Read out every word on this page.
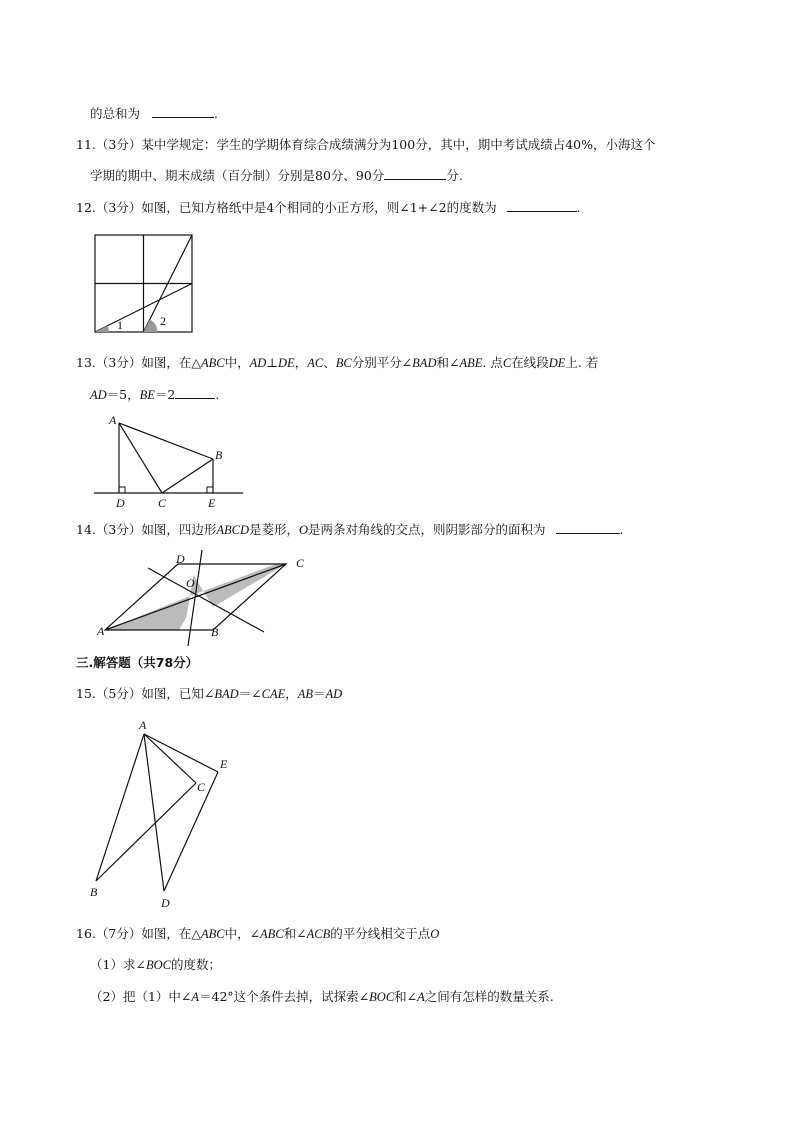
的总和为	.
11.（3分）某中学规定：学生的学期体育综合成绩满分为100分，其中，期中考试成绩占40%，小海这个
学期的期中、期末成绩（百分制）分别是80分、90分	分.
12.（3分）如图，已知方格纸中是4个相同的小正方形，则∠1+∠2的度数为	.
1	2
13.（3分）如图，在△ABC中，AD⊥DE，AC、BC分别平分∠BAD和∠ABE. 点C在线段DE上. 若
AD＝5，BE＝2	.
A
B
C
D	E
14.（3分）如图，四边形ABCD是菱形，O是两条对角线的交点，则阴影部分的面积为	.
A	B
C
D
O
三.解答题（共78分）
15.（5分）如图，已知∠BAD＝∠CAE，AB＝AD
A
B
C
D
E
16.（7分）如图，在△ABC中，∠ABC和∠ACB的平分线相交于点O
（1）求∠BOC的度数；
（2）把（1）中∠A＝42°这个条件去掉，试探索∠BOC和∠A之间有怎样的数量关系.
